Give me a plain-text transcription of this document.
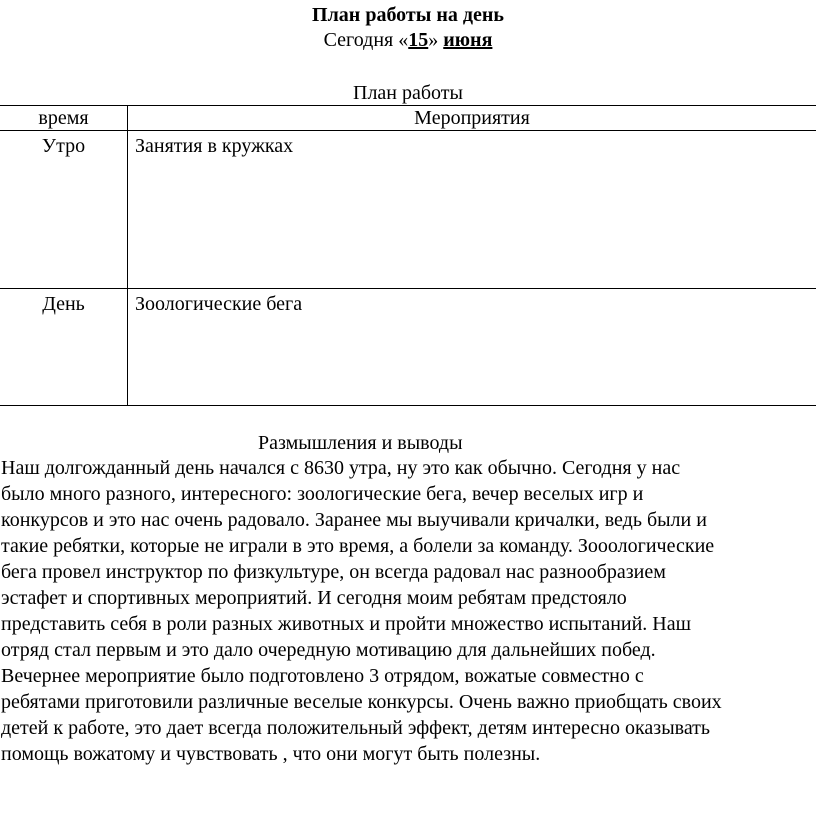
План работы на день
Сегодня «15» июня
План работы
время	Мероприятия
Утро	Занятия в кружках
День	Зоологические бега
Размышления и выводы
Наш долгожданный день начался с 8630 утра, ну это как обычно. Сегодня у нас
было много разного, интересного: зоологические бега, вечер веселых игр и
конкурсов и это нас очень радовало. Заранее мы выучивали кричалки, ведь были и
такие ребятки, которые не играли в это время, а болели за команду. Зооологические
бега провел инструктор по физкультуре, он всегда радовал нас разнообразием
эстафет и спортивных мероприятий. И сегодня моим ребятам предстояло
представить себя в роли разных животных и пройти множество испытаний. Наш
отряд стал первым и это дало очередную мотивацию для дальнейших побед.
Вечернее мероприятие было подготовлено 3 отрядом, вожатые совместно с
ребятами приготовили различные веселые конкурсы. Очень важно приобщать своих
детей к работе, это дает всегда положительный эффект, детям интересно оказывать
помощь вожатому и чувствовать , что они могут быть полезны.
